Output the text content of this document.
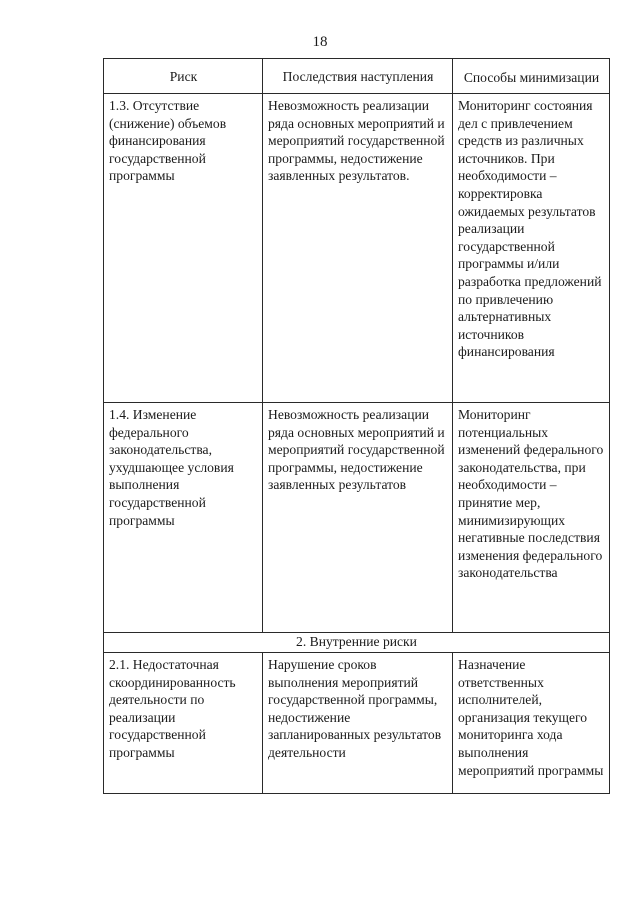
18
Риск	Последствия наступления	Способы минимизации
1.3. Отсутствие (снижение) объемов финансирования государственной программы	Невозможность реализации ряда основных мероприятий и мероприятий государственной программы, недостижение заявленных результатов.	Мониторинг состояния дел с привлечением средств из различных источников. При необходимости – корректировка ожидаемых результатов реализации государственной программы и/или разработка предложений по привлечению альтернативных источников финансирования
1.4. Изменение федерального законодательства, ухудшающее условия выполнения государственной программы	Невозможность реализации ряда основных мероприятий и мероприятий государственной программы, недостижение заявленных результатов	Мониторинг потенциальных изменений федерального законодательства, при необходимости – принятие мер, минимизирующих негативные последствия изменения федерального законодательства
2. Внутренние риски		
2.1. Недостаточная скоординированность деятельности по реализации государственной программы	Нарушение сроков выполнения мероприятий государственной программы, недостижение запланированных результатов деятельности	Назначение ответственных исполнителей, организация текущего мониторинга хода выполнения мероприятий программы
